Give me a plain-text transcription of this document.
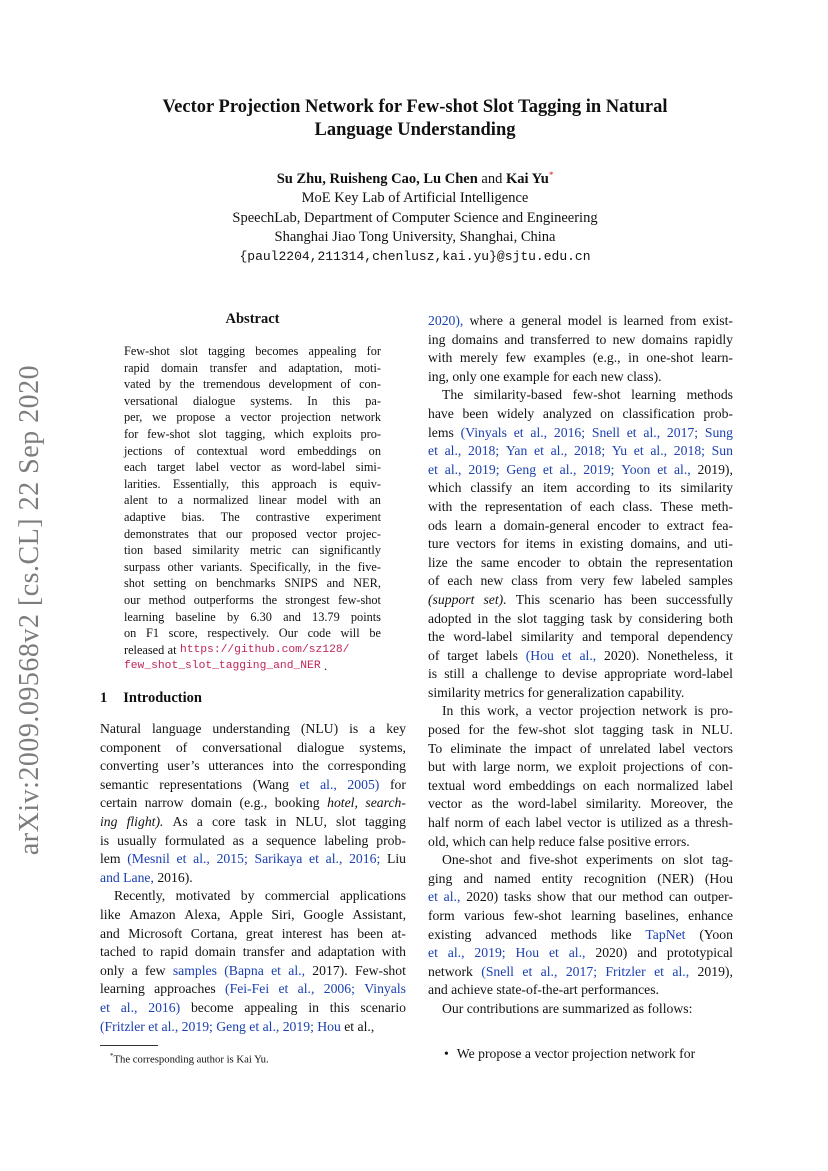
arXiv:2009.09568v2 [cs.CL] 22 Sep 2020
Vector Projection Network for Few-shot Slot Tagging in Natural
Language Understanding
Su Zhu, Ruisheng Cao, Lu Chen and Kai Yu*
MoE Key Lab of Artificial Intelligence
SpeechLab, Department of Computer Science and Engineering
Shanghai Jiao Tong University, Shanghai, China
{paul2204,211314,chenlusz,kai.yu}@sjtu.edu.cn
Abstract
Few-shot slot tagging becomes appealing for
rapid domain transfer and adaptation, moti-
vated by the tremendous development of con-
versational dialogue systems. In this pa-
per, we propose a vector projection network
for few-shot slot tagging, which exploits pro-
jections of contextual word embeddings on
each target label vector as word-label simi-
larities. Essentially, this approach is equiv-
alent to a normalized linear model with an
adaptive bias. The contrastive experiment
demonstrates that our proposed vector projec-
tion based similarity metric can significantly
surpass other variants. Specifically, in the five-
shot setting on benchmarks SNIPS and NER,
our method outperforms the strongest few-shot
learning baseline by 6.30 and 13.79 points
on F1 score, respectively. Our code will be
released at https://github.com/sz128/
few_shot_slot_tagging_and_NER .
1 Introduction
Natural language understanding (NLU) is a key
component of conversational dialogue systems,
converting user’s utterances into the corresponding
semantic representations (Wang et al., 2005) for
certain narrow domain (e.g., booking hotel, search-
ing flight). As a core task in NLU, slot tagging
is usually formulated as a sequence labeling prob-
lem (Mesnil et al., 2015; Sarikaya et al., 2016; Liu
and Lane, 2016).
Recently, motivated by commercial applications
like Amazon Alexa, Apple Siri, Google Assistant,
and Microsoft Cortana, great interest has been at-
tached to rapid domain transfer and adaptation with
only a few samples (Bapna et al., 2017). Few-shot
learning approaches (Fei-Fei et al., 2006; Vinyals
et al., 2016) become appealing in this scenario
(Fritzler et al., 2019; Geng et al., 2019; Hou et al.,
2020), where a general model is learned from exist-
ing domains and transferred to new domains rapidly
with merely few examples (e.g., in one-shot learn-
ing, only one example for each new class).
The similarity-based few-shot learning methods
have been widely analyzed on classification prob-
lems (Vinyals et al., 2016; Snell et al., 2017; Sung
et al., 2018; Yan et al., 2018; Yu et al., 2018; Sun
et al., 2019; Geng et al., 2019; Yoon et al., 2019),
which classify an item according to its similarity
with the representation of each class. These meth-
ods learn a domain-general encoder to extract fea-
ture vectors for items in existing domains, and uti-
lize the same encoder to obtain the representation
of each new class from very few labeled samples
(support set). This scenario has been successfully
adopted in the slot tagging task by considering both
the word-label similarity and temporal dependency
of target labels (Hou et al., 2020). Nonetheless, it
is still a challenge to devise appropriate word-label
similarity metrics for generalization capability.
In this work, a vector projection network is pro-
posed for the few-shot slot tagging task in NLU.
To eliminate the impact of unrelated label vectors
but with large norm, we exploit projections of con-
textual word embeddings on each normalized label
vector as the word-label similarity. Moreover, the
half norm of each label vector is utilized as a thresh-
old, which can help reduce false positive errors.
One-shot and five-shot experiments on slot tag-
ging and named entity recognition (NER) (Hou
et al., 2020) tasks show that our method can outper-
form various few-shot learning baselines, enhance
existing advanced methods like TapNet (Yoon
et al., 2019; Hou et al., 2020) and prototypical
network (Snell et al., 2017; Fritzler et al., 2019),
and achieve state-of-the-art performances.
Our contributions are summarized as follows:
*The corresponding author is Kai Yu.	• We propose a vector projection network for
